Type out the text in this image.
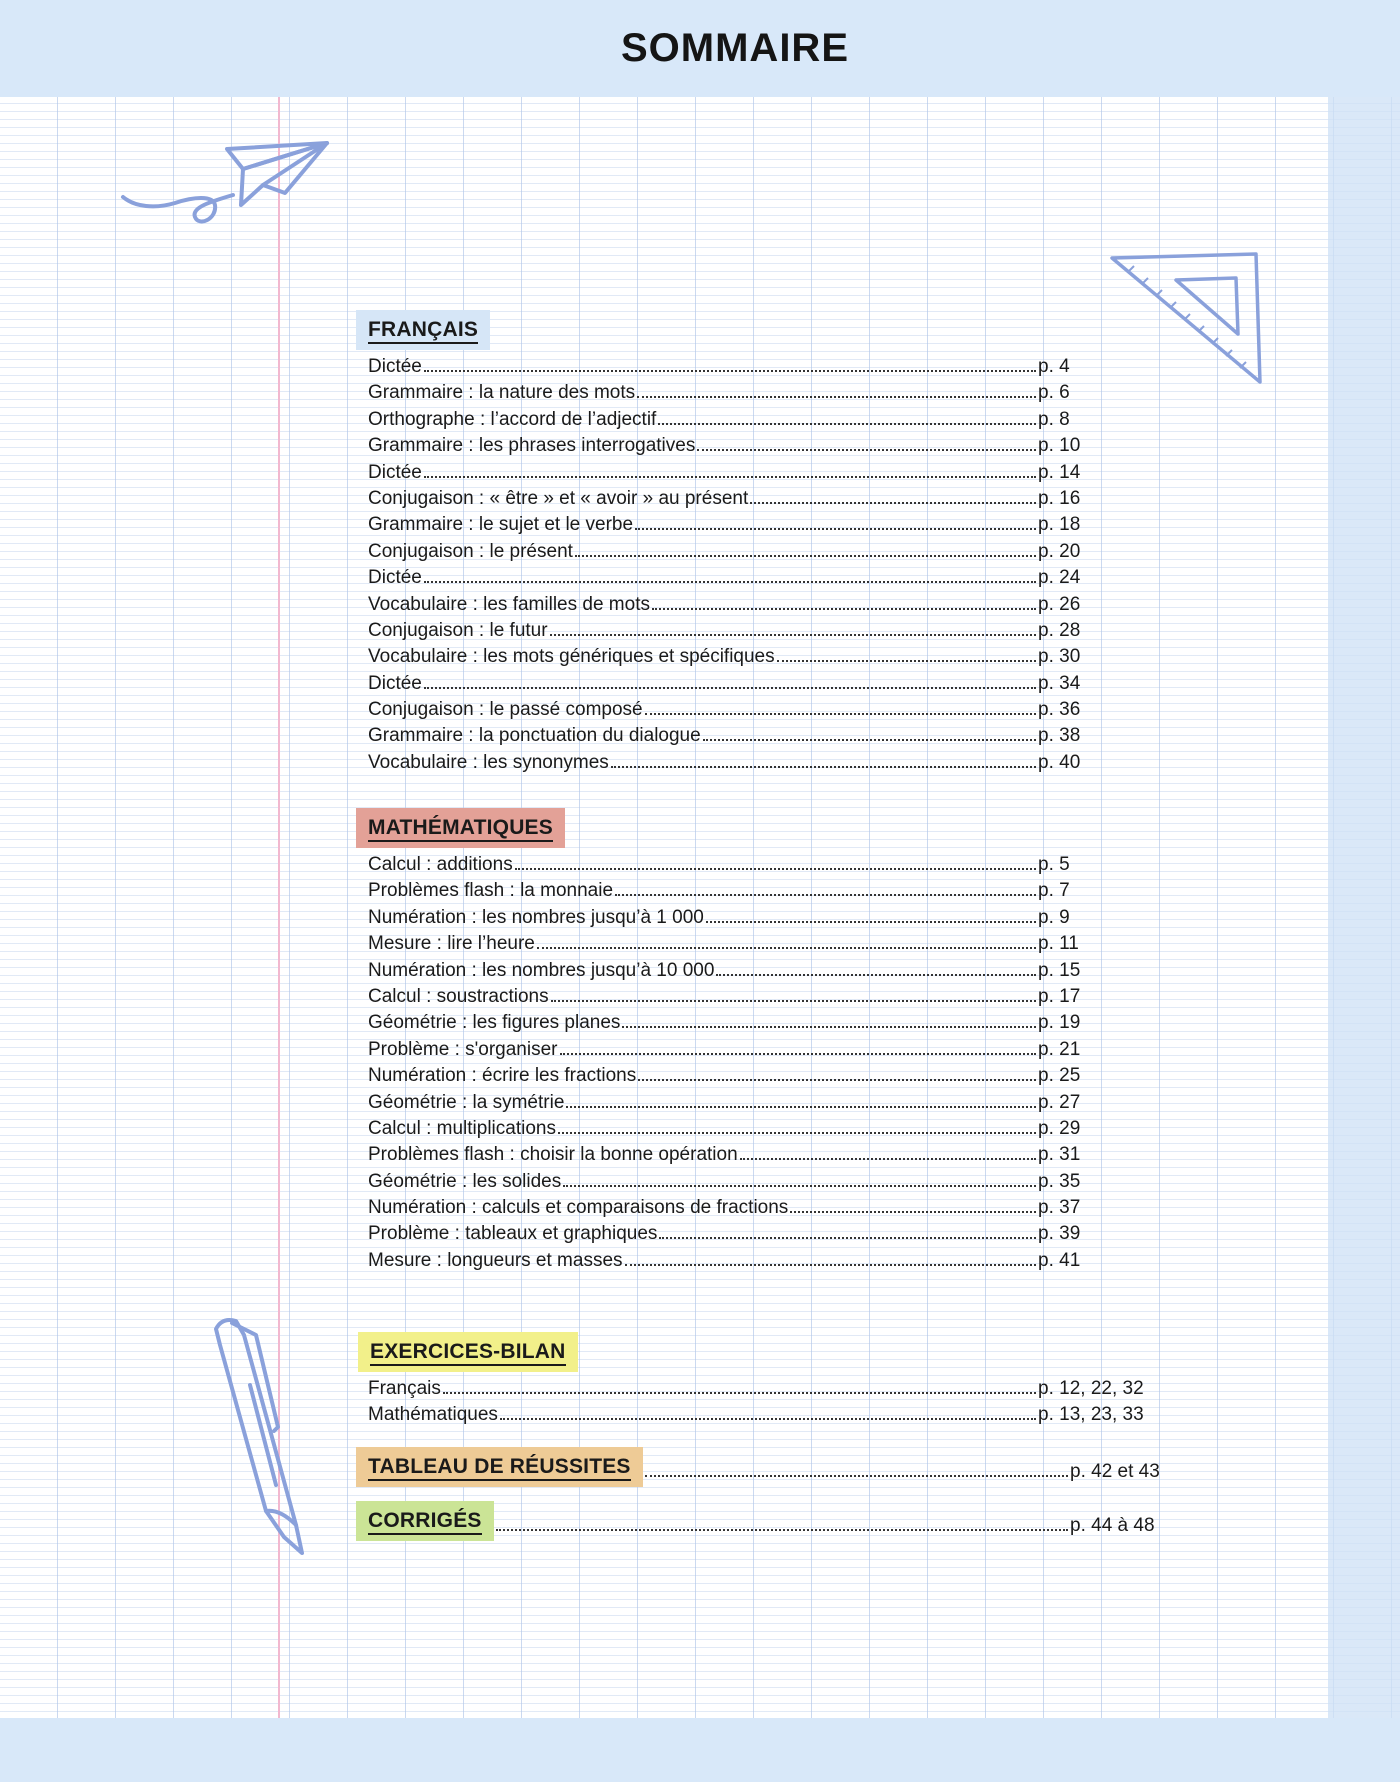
SOMMAIRE
FRANÇAIS
Dictée	p. 4
Grammaire : la nature des mots	p. 6
Orthographe : l’accord de l’adjectif	p. 8
Grammaire : les phrases interrogatives	p. 10
Dictée	p. 14
Conjugaison : « être » et « avoir » au présent	p. 16
Grammaire : le sujet et le verbe	p. 18
Conjugaison : le présent	p. 20
Dictée	p. 24
Vocabulaire : les familles de mots	p. 26
Conjugaison : le futur	p. 28
Vocabulaire : les mots génériques et spécifiques	p. 30
Dictée	p. 34
Conjugaison : le passé composé	p. 36
Grammaire : la ponctuation du dialogue	p. 38
Vocabulaire : les synonymes	p. 40
MATHÉMATIQUES
Calcul : additions	p. 5
Problèmes flash : la monnaie	p. 7
Numération : les nombres jusqu’à 1 000	p. 9
Mesure : lire l’heure	p. 11
Numération : les nombres jusqu’à 10 000	p. 15
Calcul : soustractions	p. 17
Géométrie : les figures planes	p. 19
Problème : s'organiser	p. 21
Numération : écrire les fractions	p. 25
Géométrie : la symétrie	p. 27
Calcul : multiplications	p. 29
Problèmes flash : choisir la bonne opération	p. 31
Géométrie : les solides	p. 35
Numération : calculs et comparaisons de fractions	p. 37
Problème : tableaux et graphiques	p. 39
Mesure : longueurs et masses	p. 41
EXERCICES-BILAN
Français	p. 12, 22, 32
Mathématiques	p. 13, 23, 33
TABLEAU DE RÉUSSITES	p. 42 et 43
CORRIGÉS	p. 44 à 48
